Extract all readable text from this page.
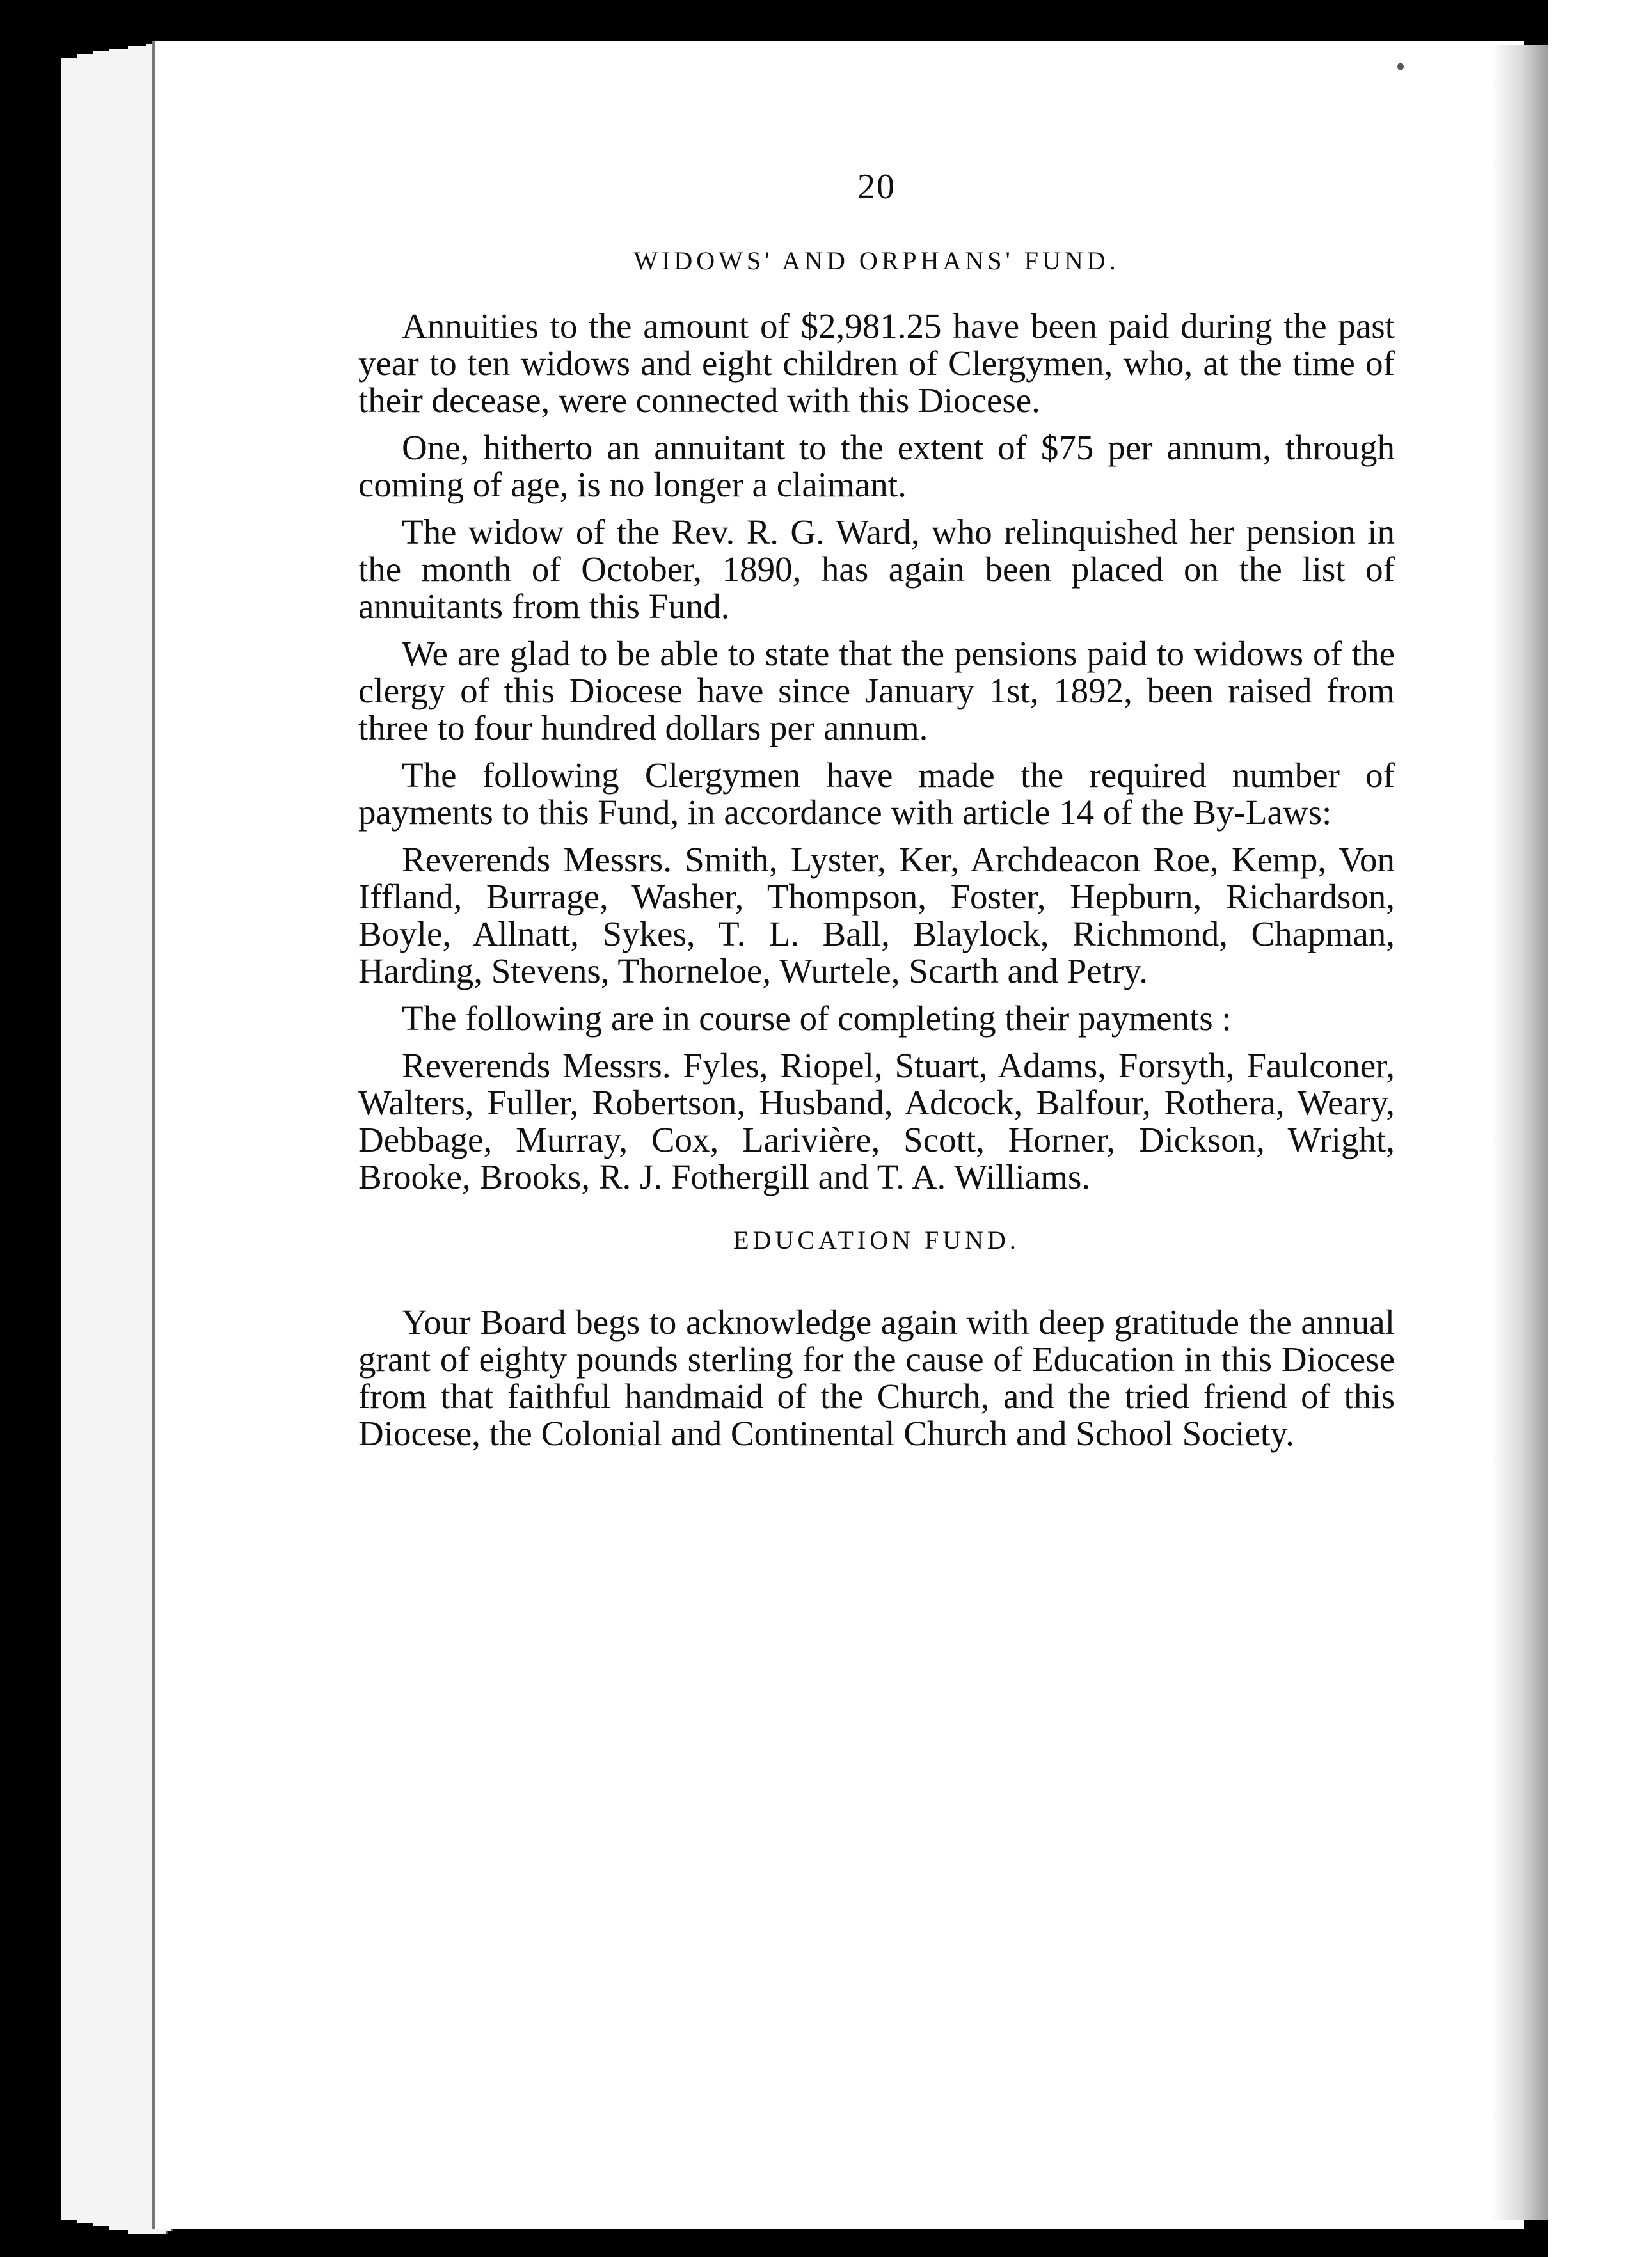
20
WIDOWS' AND ORPHANS' FUND.

Annuities to the amount of $2,981.25 have been paid during the past year to ten widows and eight children of Clergymen, who, at the time of their decease, were connected with this Diocese.

One, hitherto an annuitant to the extent of $75 per annum, through coming of age, is no longer a claimant.

The widow of the Rev. R. G. Ward, who relinquished her pension in the month of October, 1890, has again been placed on the list of annuitants from this Fund.

We are glad to be able to state that the pensions paid to widows of the clergy of this Diocese have since January 1st, 1892, been raised from three to four hundred dollars per annum.

The following Clergymen have made the required number of payments to this Fund, in accordance with article 14 of the By-Laws:

Reverends Messrs. Smith, Lyster, Ker, Archdeacon Roe, Kemp, Von Iffland, Burrage, Washer, Thompson, Foster, Hepburn, Richardson, Boyle, Allnatt, Sykes, T. L. Ball, Blaylock, Richmond, Chapman, Harding, Stevens, Thorneloe, Wurtele, Scarth and Petry.

The following are in course of completing their payments :

Reverends Messrs. Fyles, Riopel, Stuart, Adams, Forsyth, Faulconer, Walters, Fuller, Robertson, Husband, Adcock, Balfour, Rothera, Weary, Debbage, Murray, Cox, Larivière, Scott, Horner, Dickson, Wright, Brooke, Brooks, R. J. Fothergill and T. A. Williams.

EDUCATION FUND.

Your Board begs to acknowledge again with deep gratitude the annual grant of eighty pounds sterling for the cause of Education in this Diocese from that faithful handmaid of the Church, and the tried friend of this Diocese, the Colonial and Continental Church and School Society.
